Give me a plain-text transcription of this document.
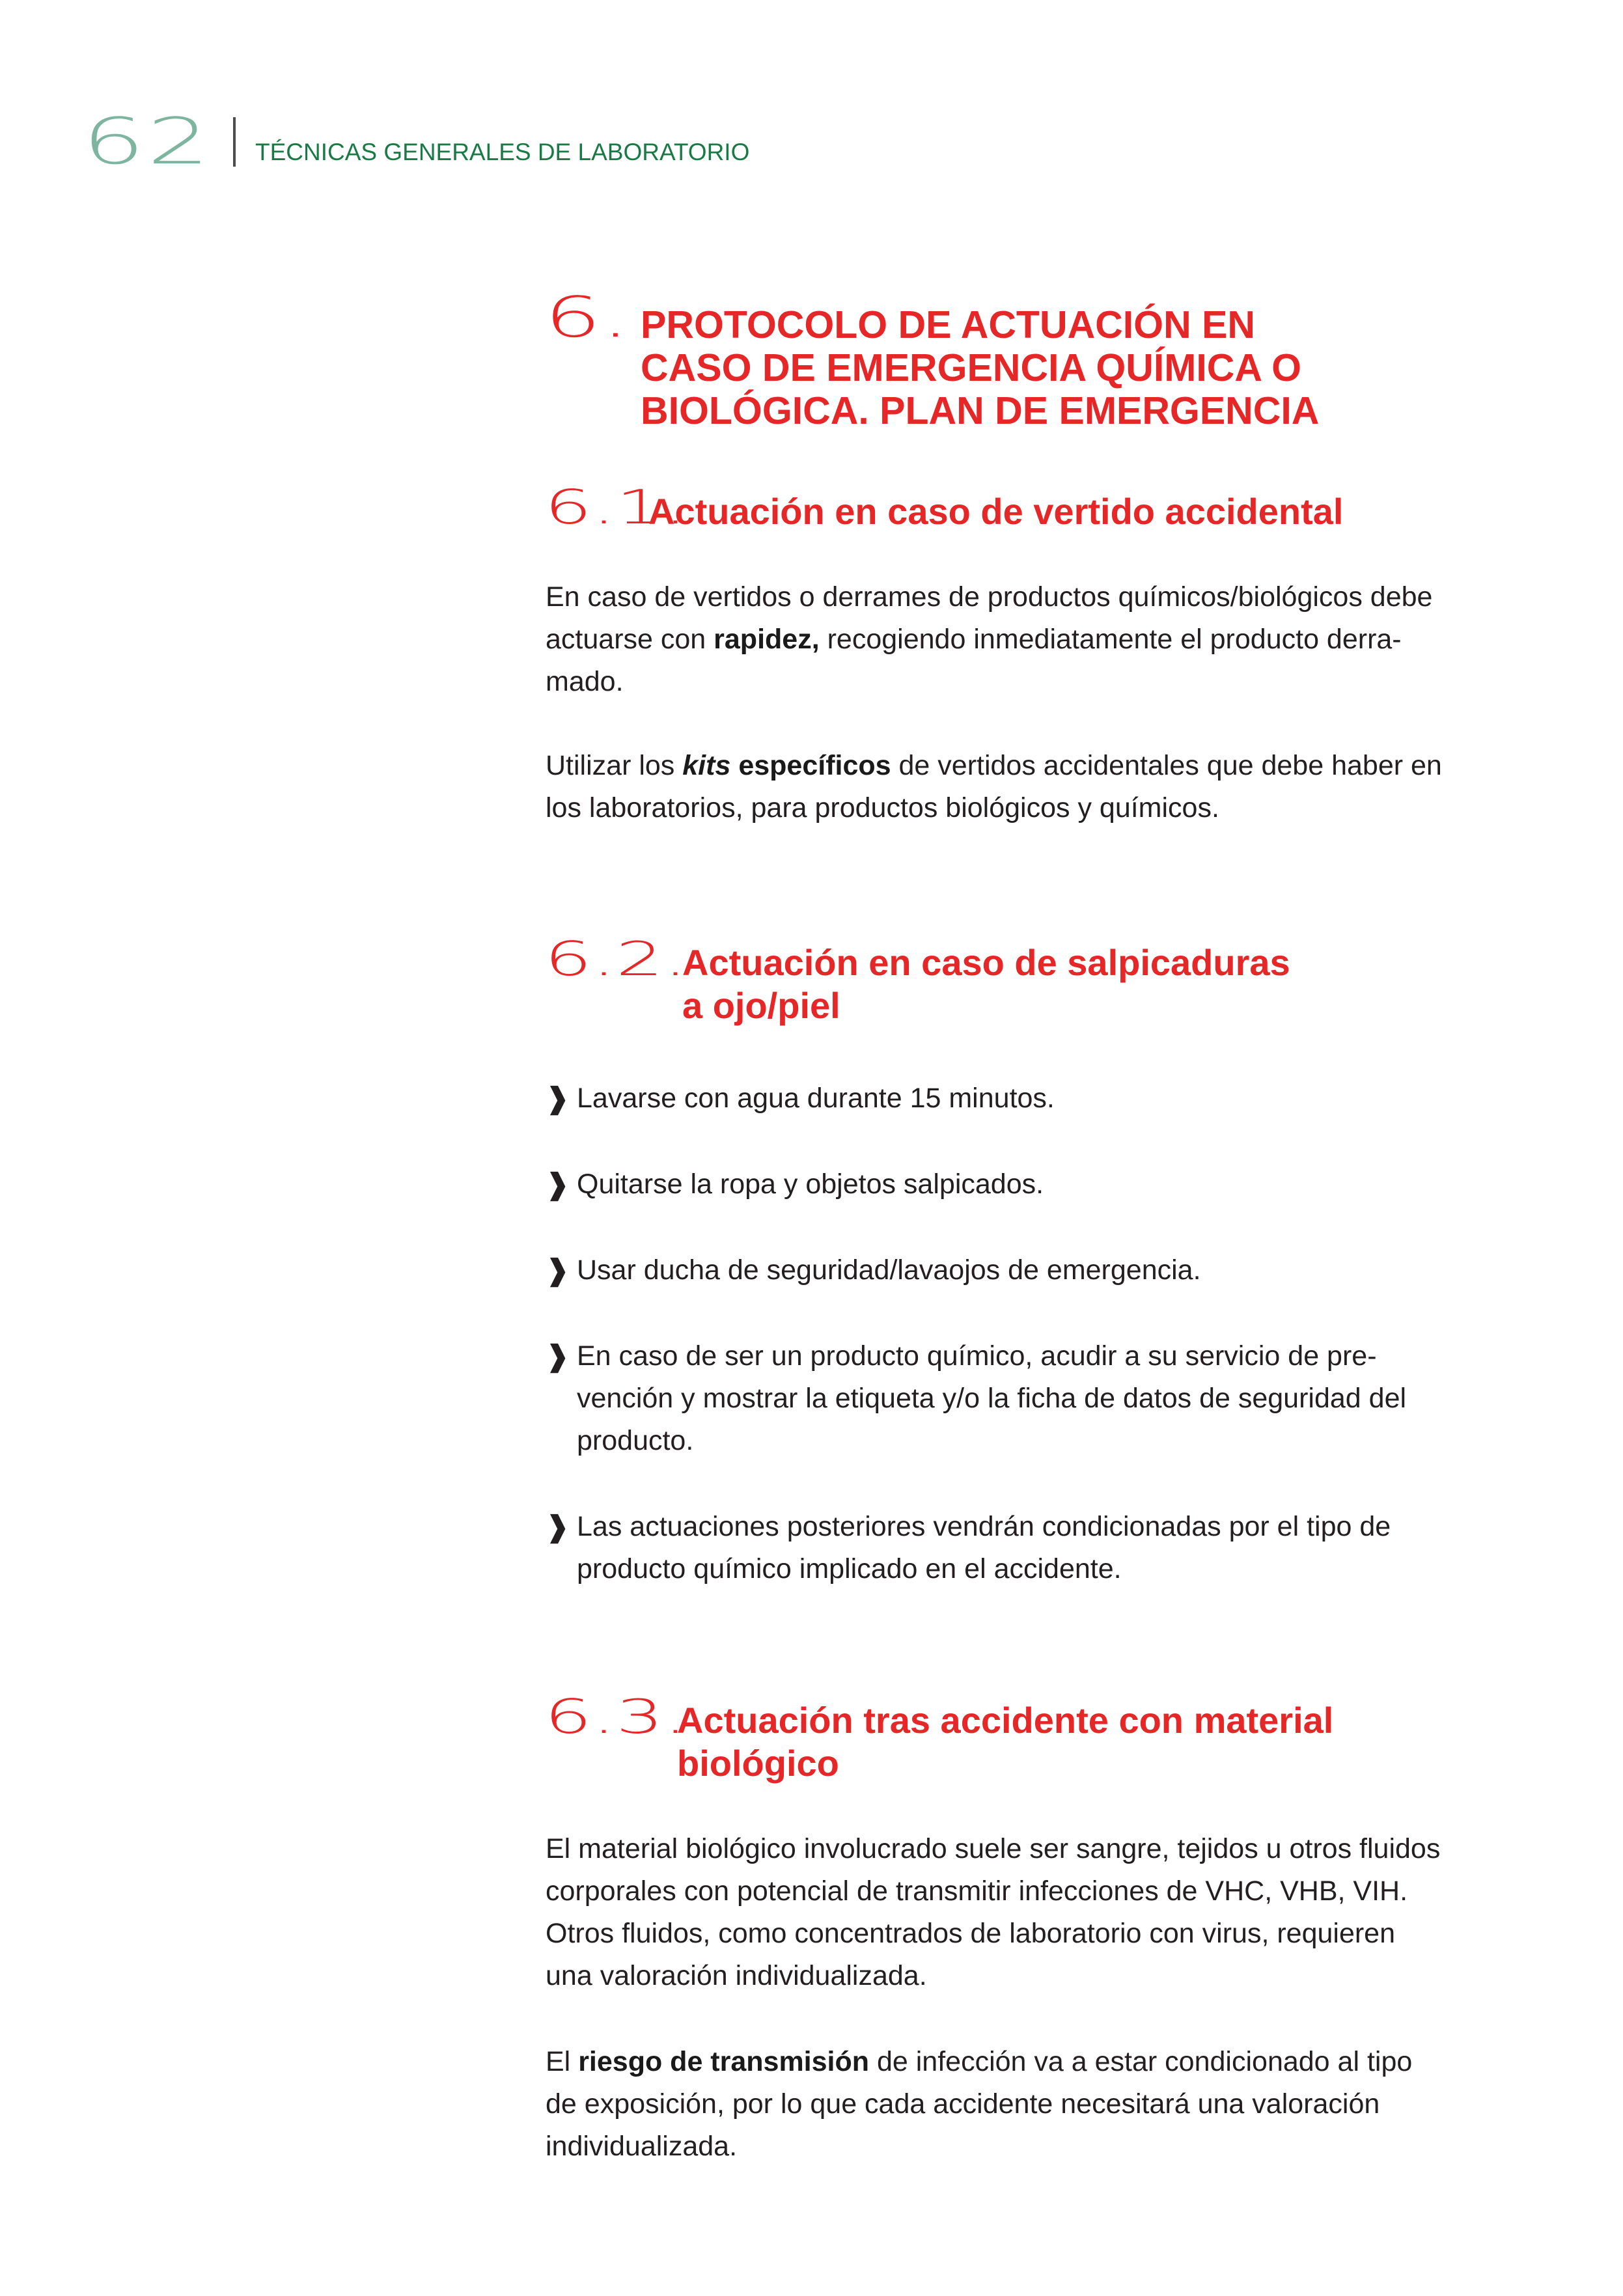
62 TÉCNICAS GENERALES DE LABORATORIO
6. PROTOCOLO DE ACTUACIÓN EN
CASO DE EMERGENCIA QUÍMICA O
BIOLÓGICA. PLAN DE EMERGENCIA
6.1.
Actuación en caso de vertido accidental
En caso de vertidos o derrames de productos químicos/biológicos debe
actuarse con rapidez, recogiendo inmediatamente el producto derra-
mado.
Utilizar los kits específicos de vertidos accidentales que debe haber en
los laboratorios, para productos biológicos y químicos.
6.2.
Actuación en caso de salpicaduras
a ojo/piel
❱ Lavarse con agua durante 15 minutos.
❱ Quitarse la ropa y objetos salpicados.
❱ Usar ducha de seguridad/lavaojos de emergencia.
❱ En caso de ser un producto químico, acudir a su servicio de pre-
vención y mostrar la etiqueta y/o la ficha de datos de seguridad del
producto.
❱ Las actuaciones posteriores vendrán condicionadas por el tipo de
producto químico implicado en el accidente.
6.3.
Actuación tras accidente con material
biológico
El material biológico involucrado suele ser sangre, tejidos u otros fluidos
corporales con potencial de transmitir infecciones de VHC, VHB, VIH.
Otros fluidos, como concentrados de laboratorio con virus, requieren
una valoración individualizada.
El riesgo de transmisión de infección va a estar condicionado al tipo
de exposición, por lo que cada accidente necesitará una valoración
individualizada.
